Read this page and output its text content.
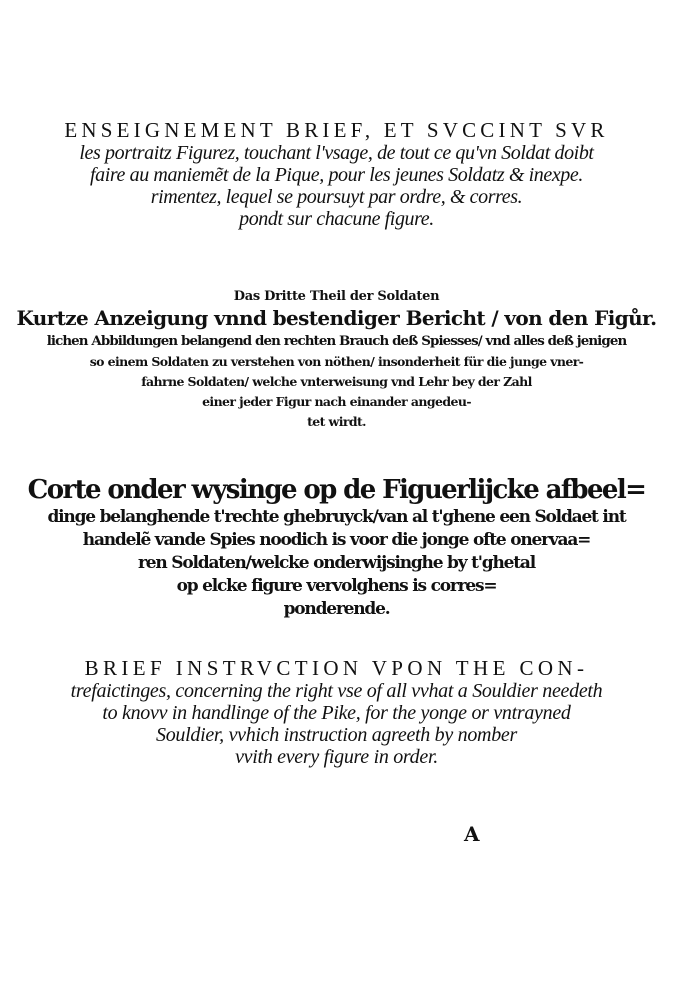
ENSEIGNEMENT BRIEF, ET SVCCINT SVR
les portraitz Figurez, touchant l'vsage, de tout ce qu'vn Soldat doibt
faire au maniemẽt de la Pique, pour les jeunes Soldatz & inexpe.
rimentez, lequel se poursuyt par ordre, & corres.
pondt sur chacune figure.
Das Dritte Theil der Soldaten
Kurtze Anzeigung vnnd bestendiger Bericht / von den Figůr.
lichen Abbildungen belangend den rechten Brauch deß Spiesses/ vnd alles deß jenigen
so einem Soldaten zu verstehen von nöthen/ insonderheit für die junge vner-
fahrne Soldaten/ welche vnterweisung vnd Lehr bey der Zahl
einer jeder Figur nach einander angedeu-
tet wirdt.
Corte onder wysinge op de Figuerlijcke afbeel=
dinge belanghende t'rechte ghebruyck/van al t'ghene een Soldaet int
handelẽ vande Spies noodich is voor die jonge ofte onervaa=
ren Soldaten/welcke onderwijsinghe by t'ghetal
op elcke figure vervolghens is corres=
ponderende.
BRIEF INSTRVCTION VPON THE CON-
trefaictinges, concerning the right vse of all vvhat a Souldier needeth
to knovv in handlinge of the Pike, for the yonge or vntrayned
Souldier, vvhich instruction agreeth by nomber
vvith every figure in order.
A
